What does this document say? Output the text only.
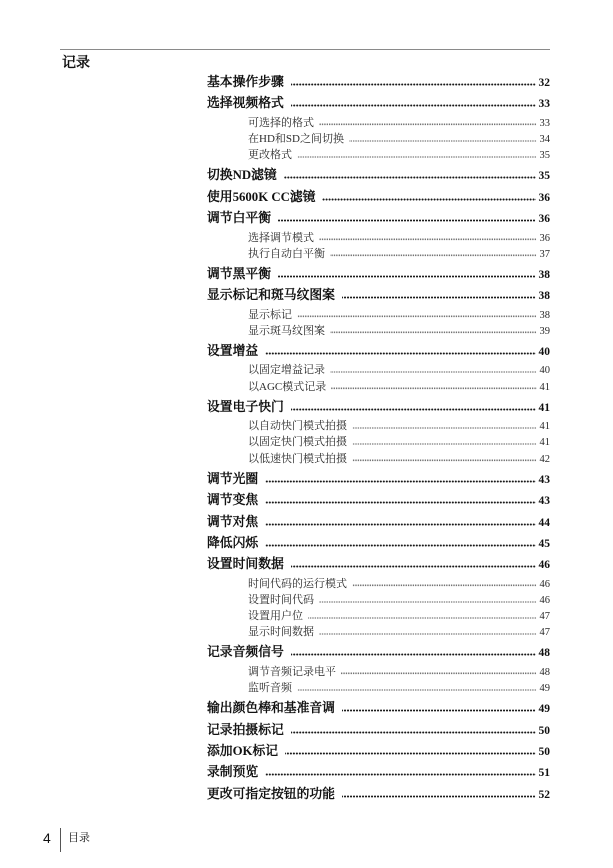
记录
基本操作步骤	32
选择视频格式	33
可选择的格式	33
在HD和SD之间切换	34
更改格式	35
切换ND滤镜	35
使用5600K CC滤镜	36
调节白平衡	36
选择调节模式	36
执行自动白平衡	37
调节黑平衡	38
显示标记和斑马纹图案	38
显示标记	38
显示斑马纹图案	39
设置增益	40
以固定增益记录	40
以AGC模式记录	41
设置电子快门	41
以自动快门模式拍摄	41
以固定快门模式拍摄	41
以低速快门模式拍摄	42
调节光圈	43
调节变焦	43
调节对焦	44
降低闪烁	45
设置时间数据	46
时间代码的运行模式	46
设置时间代码	46
设置用户位	47
显示时间数据	47
记录音频信号	48
调节音频记录电平	48
监听音频	49
输出颜色棒和基准音调	49
记录拍摄标记	50
添加OK标记	50
录制预览	51
更改可指定按钮的功能	52
4 目录
